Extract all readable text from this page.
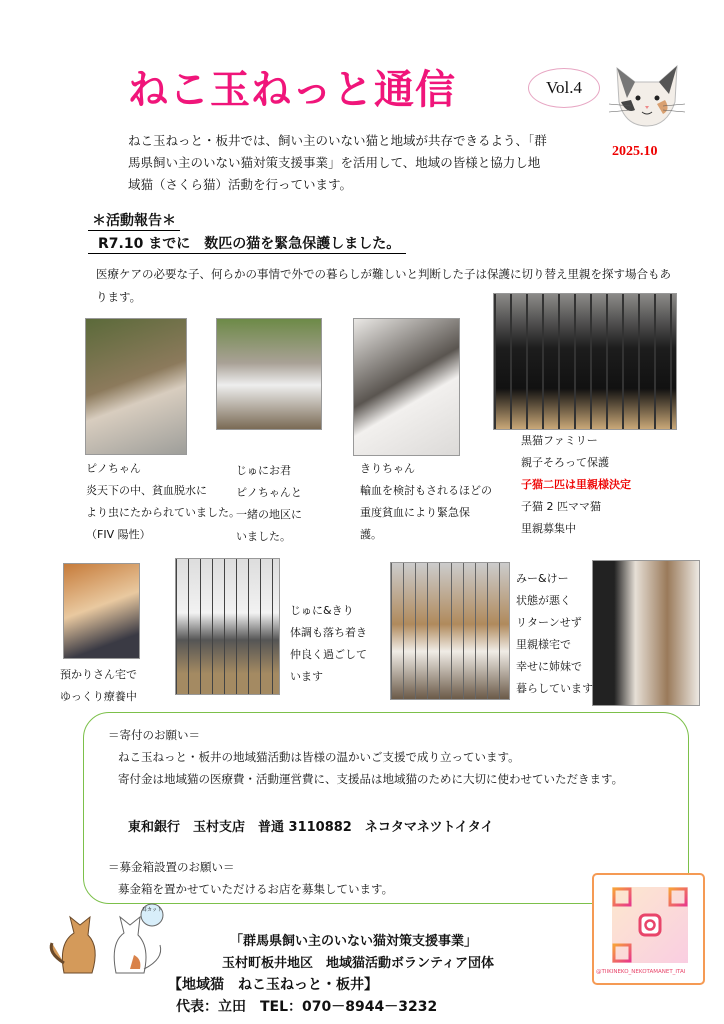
ねこ玉ねっと通信	Vol.4
2025.10
ねこ玉ねっと・板井では、飼い主のいない猫と地域が共存できるよう、「群馬県飼い主のいない猫対策支援事業」を活用して、地域の皆様と協力し地域猫（さくら猫）活動を行っています。
＊活動報告＊
R7.10 までに　数匹の猫を緊急保護しました。
医療ケアの必要な子、何らかの事情で外での暮らしが難しいと判断した子は保護に切り替え里親を探す場合もあります。
ピノちゃん
炎天下の中、貧血脱水に
より虫にたかられていました。
（FIV 陽性）
じゅにお君
ピノちゃんと
一緒の地区に
いました。
きりちゃん
輸血を検討もされるほどの
重度貧血により緊急保
護。
黒猫ファミリー
親子そろって保護
子猫二匹は里親様決定
子猫 2 匹ママ猫
里親募集中
預かりさん宅で
ゆっくり療養中
じゅに&きり
体調も落ち着き
仲良く過ごして
います
みー&けー
状態が悪く
リターンせず
里親様宅で
幸せに姉妹で
暮らしています
＝寄付のお願い＝
ねこ玉ねっと・板井の地域猫活動は皆様の温かいご支援で成り立っています。
寄付金は地域猫の医療費・活動運営費に、支援品は地域猫のために大切に使わせていただきます。
東和銀行　玉村支店　普通 3110882　ネコタマネツトイタイ
＝募金箱設置のお願い＝
募金箱を置かせていただけるお店を募集しています。
耳カット
「群馬県飼い主のいない猫対策支援事業」
玉村町板井地区　地域猫活動ボランティア団体
【地域猫　ねこ玉ねっと・板井】
代表：立田　TEL：070－8944－3232
@TIIKINEKO_NEKOTAMANET_ITAI
